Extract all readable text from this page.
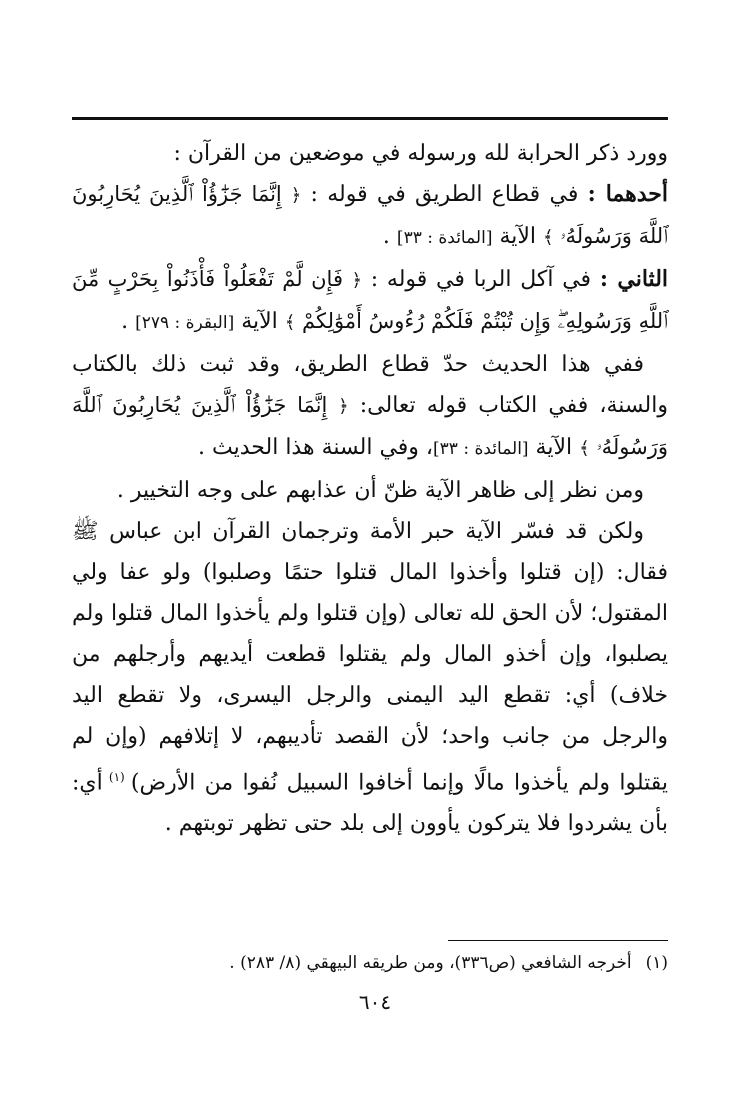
وورد ذكر الحرابة لله ورسوله في موضعين من القرآن :

أحدهما : في قطاع الطريق في قوله : ﴿ إِنَّمَا جَزَٰٓؤُاْ ٱلَّذِينَ يُحَارِبُونَ ٱللَّهَ وَرَسُولَهُۥ ﴾ الآية [المائدة : ٣٣] .

الثاني : في آكل الربا في قوله : ﴿ فَإِن لَّمْ تَفْعَلُواْ فَأْذَنُواْ بِحَرْبٍ مِّنَ ٱللَّهِ وَرَسُولِهِۦۖ وَإِن تُبْتُمْ فَلَكُمْ رُءُوسُ أَمْوَٰلِكُمْ ﴾ الآية [البقرة : ٢٧٩] .

ففي هذا الحديث حدّ قطاع الطريق، وقد ثبت ذلك بالكتاب والسنة، ففي الكتاب قوله تعالى: ﴿ إِنَّمَا جَزَٰٓؤُاْ ٱلَّذِينَ يُحَارِبُونَ ٱللَّهَ وَرَسُولَهُۥ ﴾ الآية [المائدة : ٣٣]، وفي السنة هذا الحديث .

ومن نظر إلى ظاهر الآية ظنّ أن عذابهم على وجه التخيير .

ولكن قد فسّر الآية حبر الأمة وترجمان القرآن ابن عباس ﷺ فقال: (إن قتلوا وأخذوا المال قتلوا حتمًا وصلبوا) ولو عفا ولي المقتول؛ لأن الحق لله تعالى (وإن قتلوا ولم يأخذوا المال قتلوا ولم يصلبوا، وإن أخذو المال ولم يقتلوا قطعت أيديهم وأرجلهم من خلاف) أي: تقطع اليد اليمنى والرجل اليسرى، ولا تقطع اليد والرجل من جانب واحد؛ لأن القصد تأديبهم، لا إتلافهم (وإن لم يقتلوا ولم يأخذوا مالًا وإنما أخافوا السبيل نُفوا من الأرض) $^{(١)}$ أي: بأن يشردوا فلا يتركون يأوون إلى بلد حتى تظهر توبتهم .

(١)أخرجه الشافعي (ص٣٣٦)، ومن طريقه البيهقي (٨/ ٢٨٣) .
٦٠٤
